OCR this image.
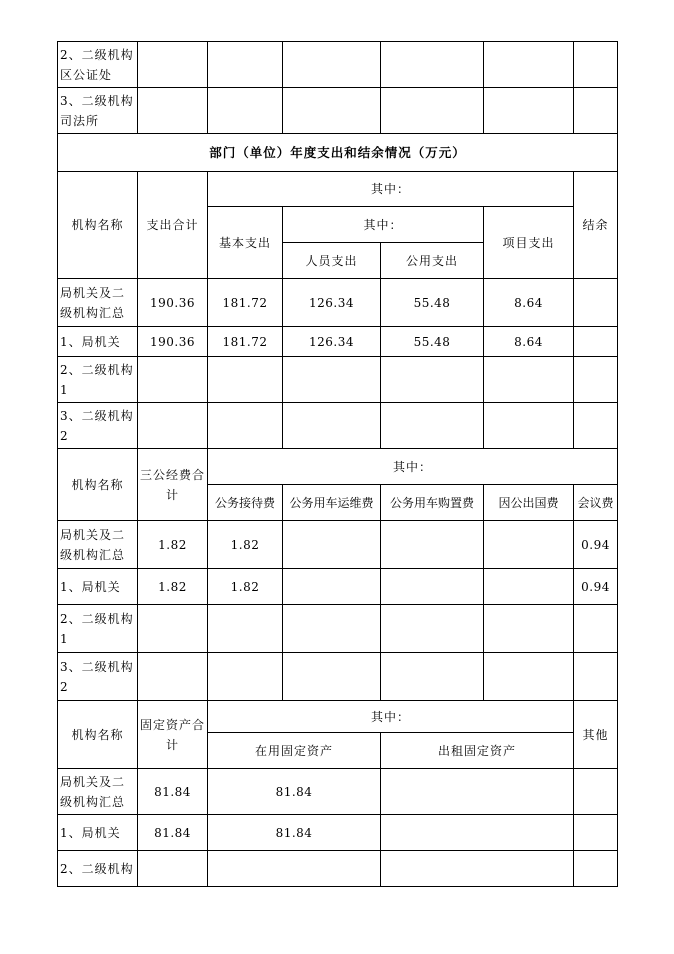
2、二级机构区公证处						
3、二级机构司法所						
部门（单位）年度支出和结余情况（万元）						
机构名称	支出合计	其中：				结余
		基本支出	其中：		项目支出	
			人员支出	公用支出		
局机关及二级机构汇总	190.36	181.72	126.34	55.48	8.64	
1、局机关	190.36	181.72	126.34	55.48	8.64	
2、二级机构1						
3、二级机构2						
机构名称	三公经费合计	其中：				
		公务接待费	公务用车运维费	公务用车购置费	因公出国费	会议费
局机关及二级机构汇总	1.82	1.82				0.94
1、局机关	1.82	1.82				0.94
2、二级机构1						
3、二级机构2						
机构名称	固定资产合计	其中：				其他
		在用固定资产		出租固定资产		
局机关及二级机构汇总	81.84	81.84				
1、局机关	81.84	81.84				
2、二级机构						
